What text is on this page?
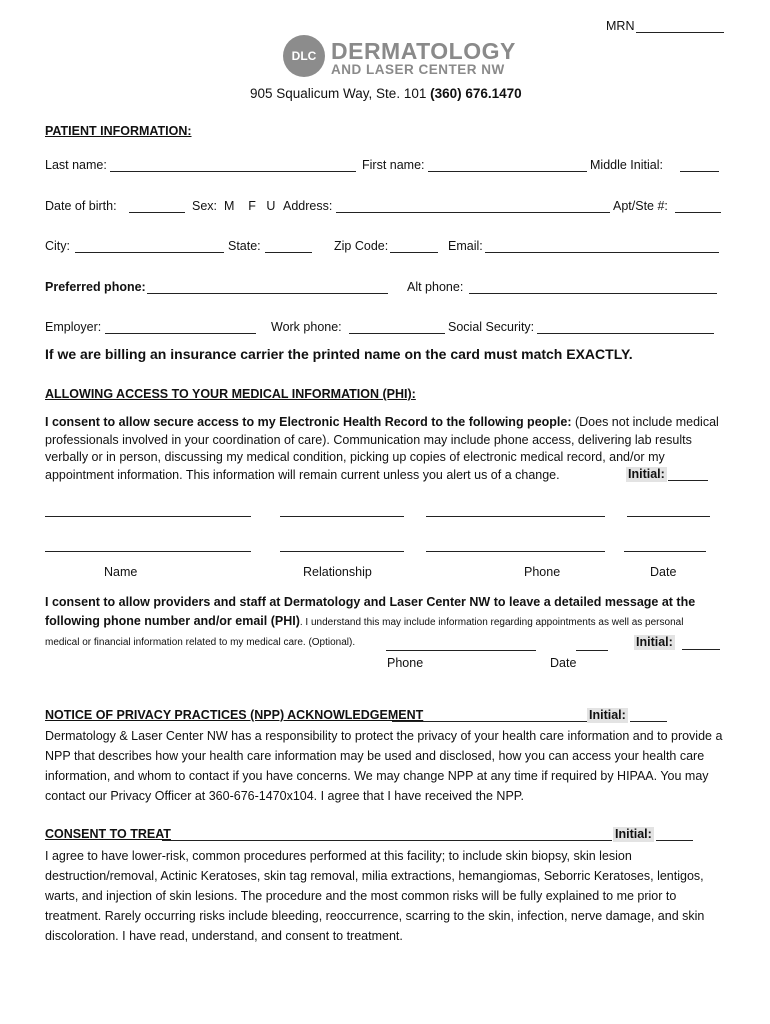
MRN
DLC DERMATOLOGY
AND LASER CENTER NW
905 Squalicum Way, Ste. 101 (360) 676.1470
PATIENT INFORMATION:
Last name:	First name:	Middle Initial:
Date of birth:	Sex:  M    F   U Address:	Apt/Ste #:
City:	State:	Zip Code:	Email:
Preferred phone:	Alt phone:
Employer:	Work phone:	Social Security:
If we are billing an insurance carrier the printed name on the card must match EXACTLY.
ALLOWING ACCESS TO YOUR MEDICAL INFORMATION (PHI):
I consent to allow secure access to my Electronic Health Record to the following people: (Does not include medical professionals involved in your coordination of care). Communication may include phone access, delivering lab results verbally or in person, discussing my medical condition, picking up copies of electronic medical record, and/or my appointment information. This information will remain current unless you alert us of a change.	Initial:
Name	Relationship	Phone	Date
I consent to allow providers and staff at Dermatology and Laser Center NW to leave a detailed message at the
following phone number and/or email (PHI). I understand this may include information regarding appointments as well as personal
medical or financial information related to my medical care. (Optional).	Initial:
Phone	Date
NOTICE OF PRIVACY PRACTICES (NPP) ACKNOWLEDGEMENT	Initial:
Dermatology & Laser Center NW has a responsibility to protect the privacy of your health care information and to provide a NPP that describes how your health care information may be used and disclosed, how you can access your health care information, and whom to contact if you have concerns. We may change NPP at any time if required by HIPAA. You may contact our Privacy Officer at 360-676-1470x104. I agree that I have received the NPP.
CONSENT TO TREAT	Initial:
I agree to have lower-risk, common procedures performed at this facility; to include skin biopsy, skin lesion destruction/removal, Actinic Keratoses, skin tag removal, milia extractions, hemangiomas, Seborric Keratoses, lentigos, warts, and injection of skin lesions. The procedure and the most common risks will be fully explained to me prior to treatment. Rarely occurring risks include bleeding, reoccurrence, scarring to the skin, infection, nerve damage, and skin discoloration. I have read, understand, and consent to treatment.
